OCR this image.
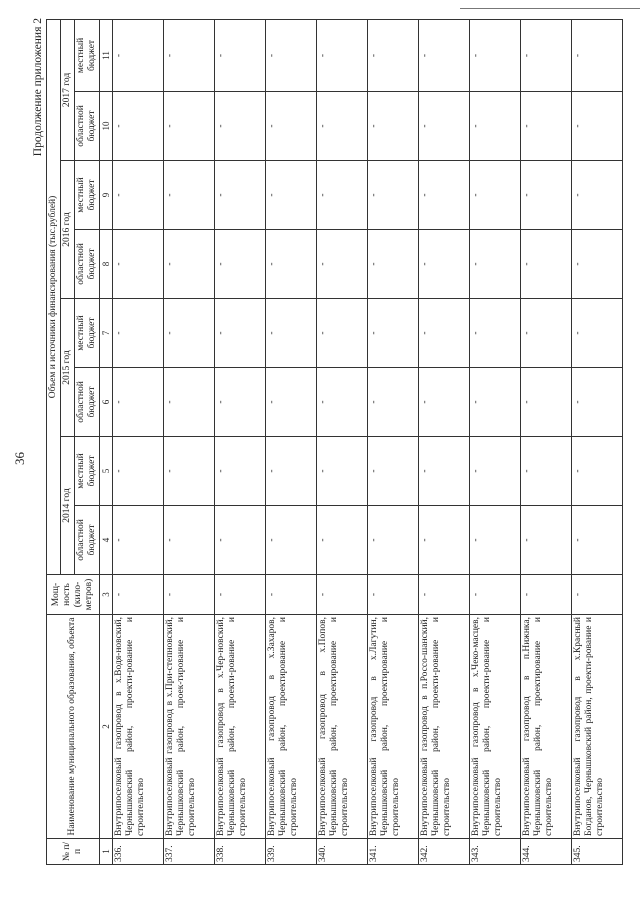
36
Продолжение приложения 2
№ п/п	Наименование муниципального образования, объекта	Мощ-ность (кило-метров)	Объем и источники финансирования (тыс.рублей)							
			2014 год		2015 год		2016 год		2017 год	
			областной бюджет	местный бюджет	областной бюджет	местный бюджет	областной бюджет	местный бюджет	областной бюджет	местный бюджет
1	2	3	4	5	6	7	8	9	10	11
336.	Внутрипоселковый газопровод в х.Водя-новский, Чернышковский район, проекти-рование и строительство	-	-	-	-	-	-	-	-	-
337.	Внутрипоселковый газопровод в х.При-степновский, Чернышковский район, проек-тирование и строительство	-	-	-	-	-	-	-	-	-
338.	Внутрипоселковый газопровод в х.Чер-новский, Чернышковский район, проекти-рование и строительство	-	-	-	-	-	-	-	-	-
339.	Внутрипоселковый газопровод в х.Захаров, Чернышковский район, проектирование и строительство	-	-	-	-	-	-	-	-	-
340.	Внутрипоселковый газопровод в х.Попов, Чернышковский район, проектирование и строительство	-	-	-	-	-	-	-	-	-
341.	Внутрипоселковый газопровод в х.Лагутин, Чернышковский район, проектирование и строительство	-	-	-	-	-	-	-	-	-
342.	Внутрипоселковый газопровод в п.Россо-шанский, Чернышковский район, проекти-рование и строительство	-	-	-	-	-	-	-	-	-
343.	Внутрипоселковый газопровод в х.Чеко-масцев, Чернышковский район, проекти-рование и строительство	-	-	-	-	-	-	-	-	-
344.	Внутрипоселковый газопровод в п.Нижнка, Чернышковский район, проектирование и строительство	-	-	-	-	-	-	-	-	-
345.	Внутрипоселковый газопровод в х.Красный Богданов, Чернышковский район, проекти-рование и строительство	-	-	-	-	-	-	-	-	-
